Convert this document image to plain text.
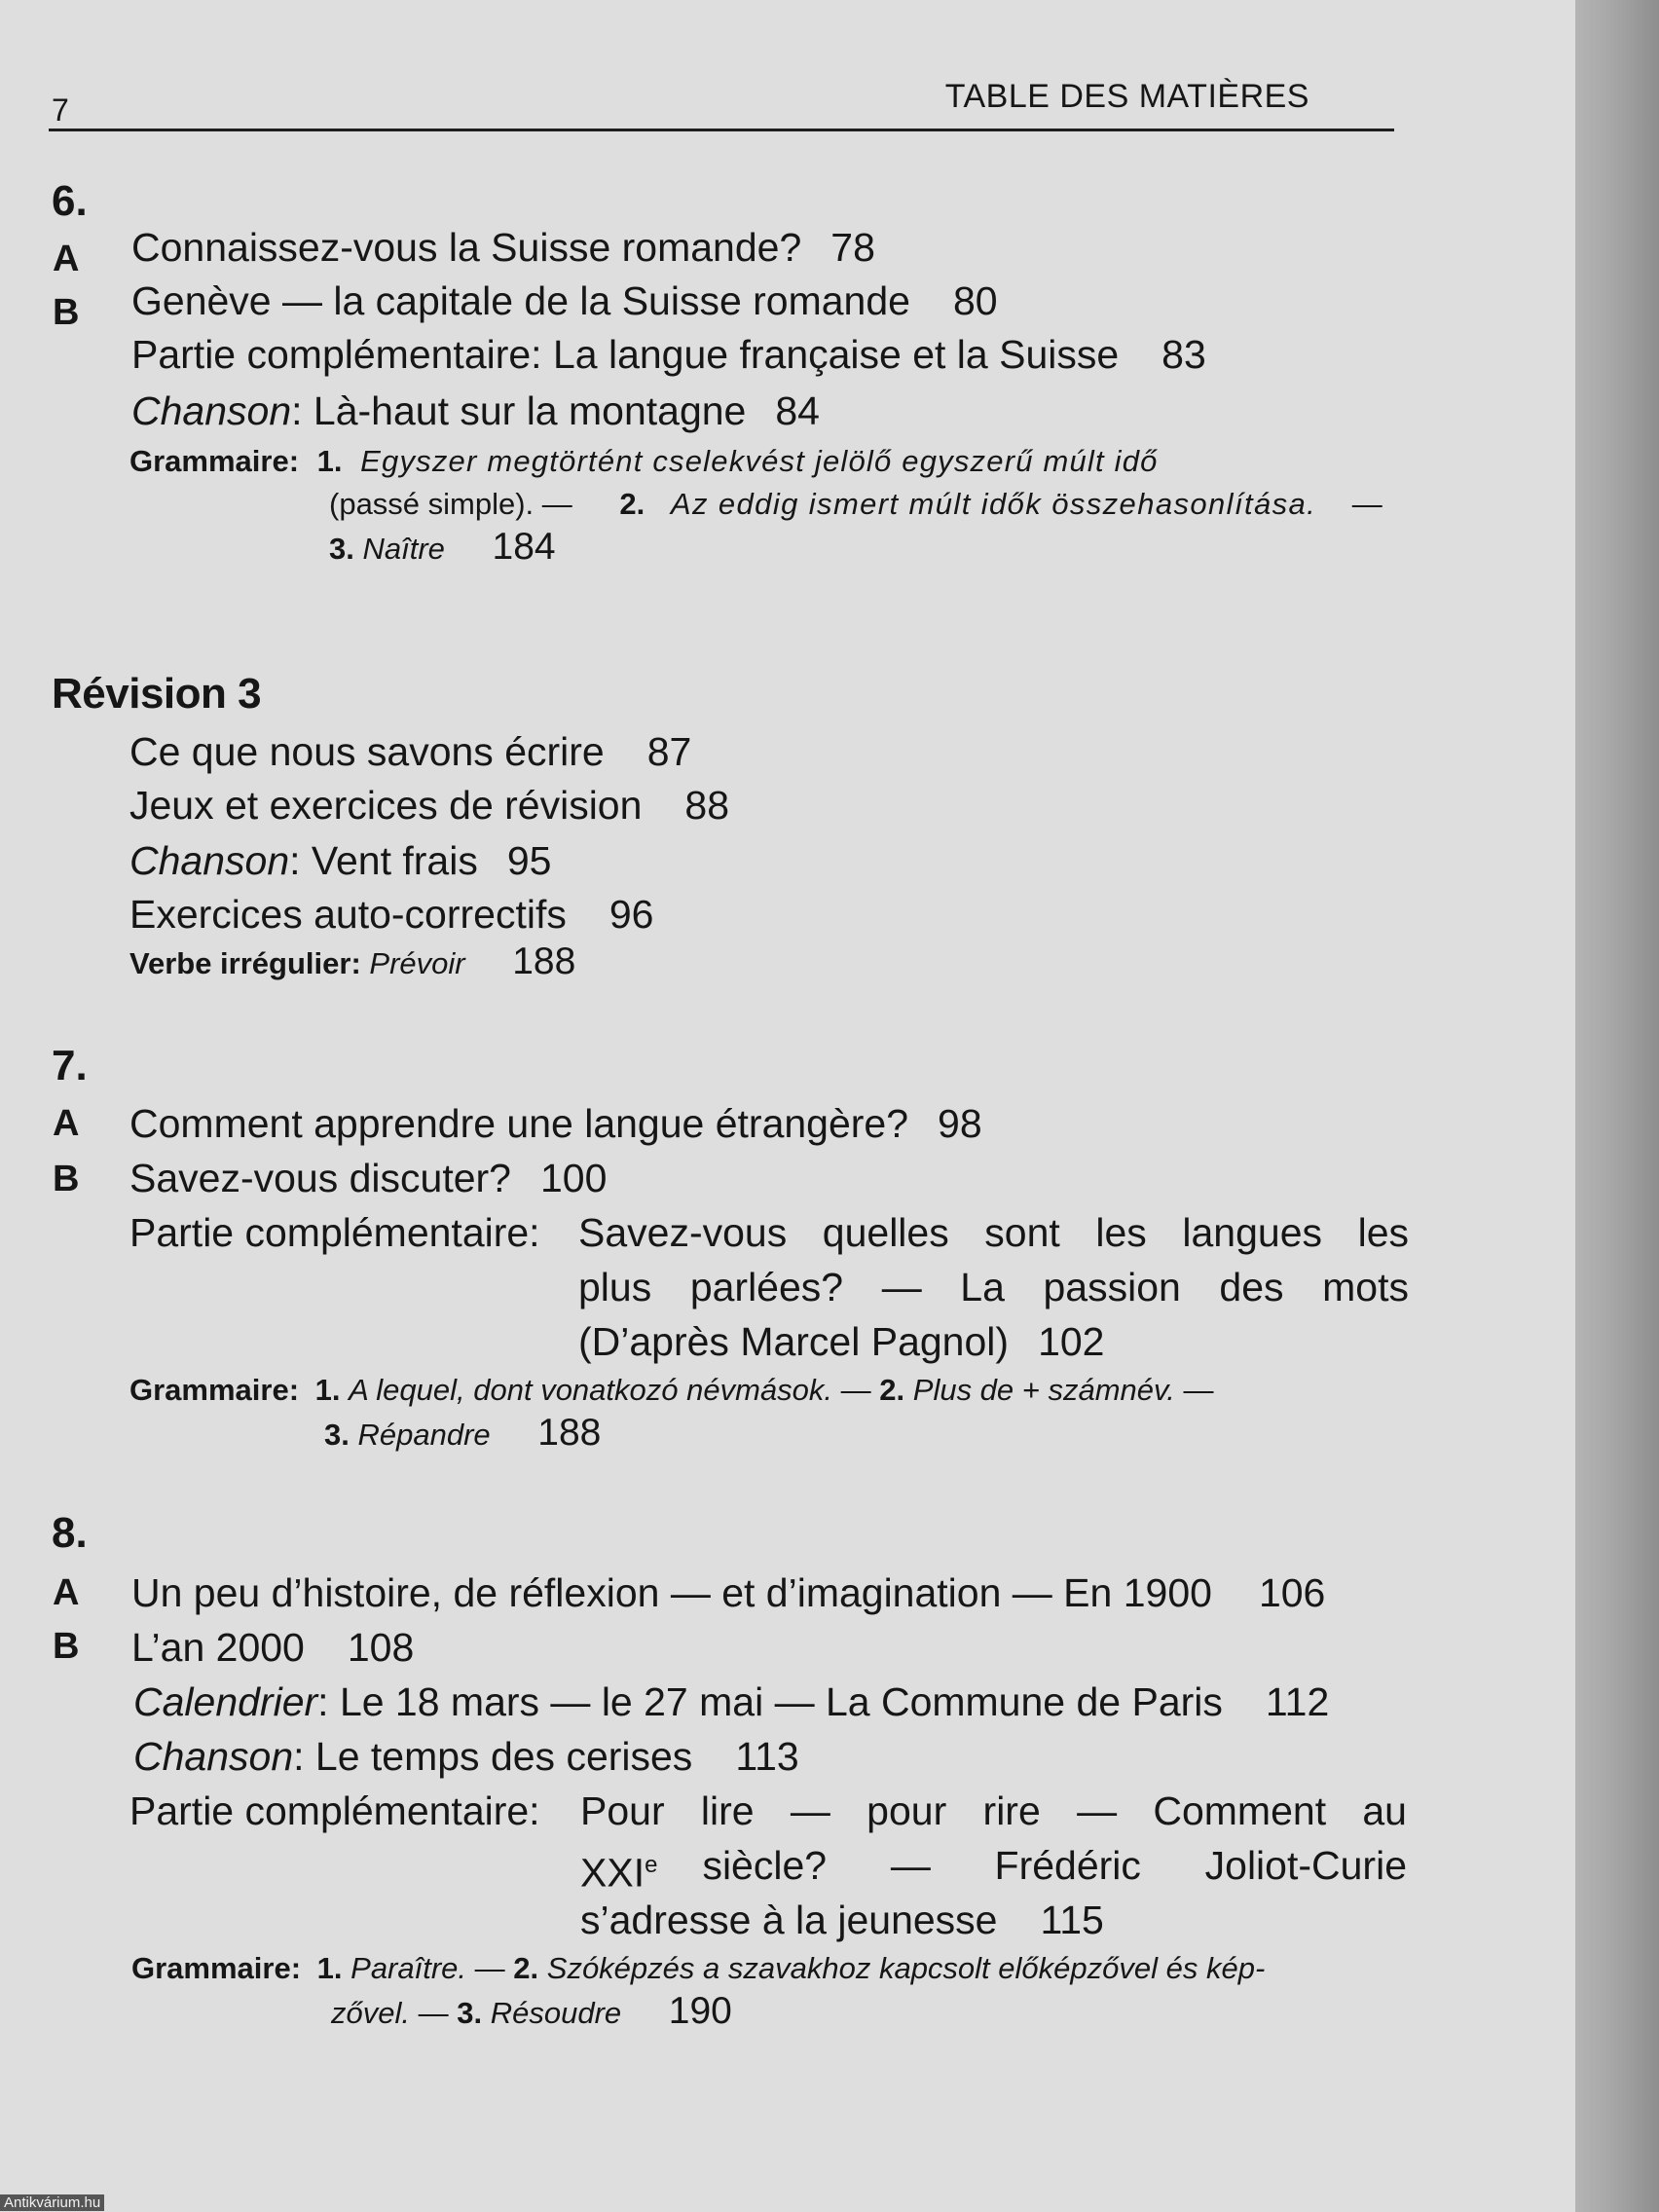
7	TABLE DES MATIÈRES
6.
A Connaissez-vous la Suisse romande? 78
B Genève — la capitale de la Suisse romande 80
Partie complémentaire: La langue française et la Suisse 83
Chanson: Là-haut sur la montagne 84
Grammaire: 1. Egyszer megtörtént cselekvést jelölő egyszerű múlt idő
(passé simple). — 2. Az eddig ismert múlt idők összehasonlítása. —
3. Naître 184
Révision 3
Ce que nous savons écrire 87
Jeux et exercices de révision 88
Chanson: Vent frais 95
Exercices auto-correctifs 96
Verbe irrégulier: Prévoir 188
7.
A Comment apprendre une langue étrangère? 98
B Savez-vous discuter? 100
Partie complémentaire: Savez-vous quelles sont les langues les
plus parlées? — La passion des mots
(D’après Marcel Pagnol) 102
Grammaire: 1. A lequel, dont vonatkozó névmások. — 2. Plus de + számnév. —
3. Répandre 188
8.
A Un peu d’histoire, de réflexion — et d’imagination — En 1900 106
B L’an 2000 108
Calendrier: Le 18 mars — le 27 mai — La Commune de Paris 112
Chanson: Le temps des cerises 113
Partie complémentaire: Pour lire — pour rire — Comment au
XXIe siècle? — Frédéric Joliot-Curie
s’adresse à la jeunesse 115
Grammaire: 1. Paraître. — 2. Szóképzés a szavakhoz kapcsolt előképzővel és kép-
zővel. — 3. Résoudre 190
Antikvárium.hu
